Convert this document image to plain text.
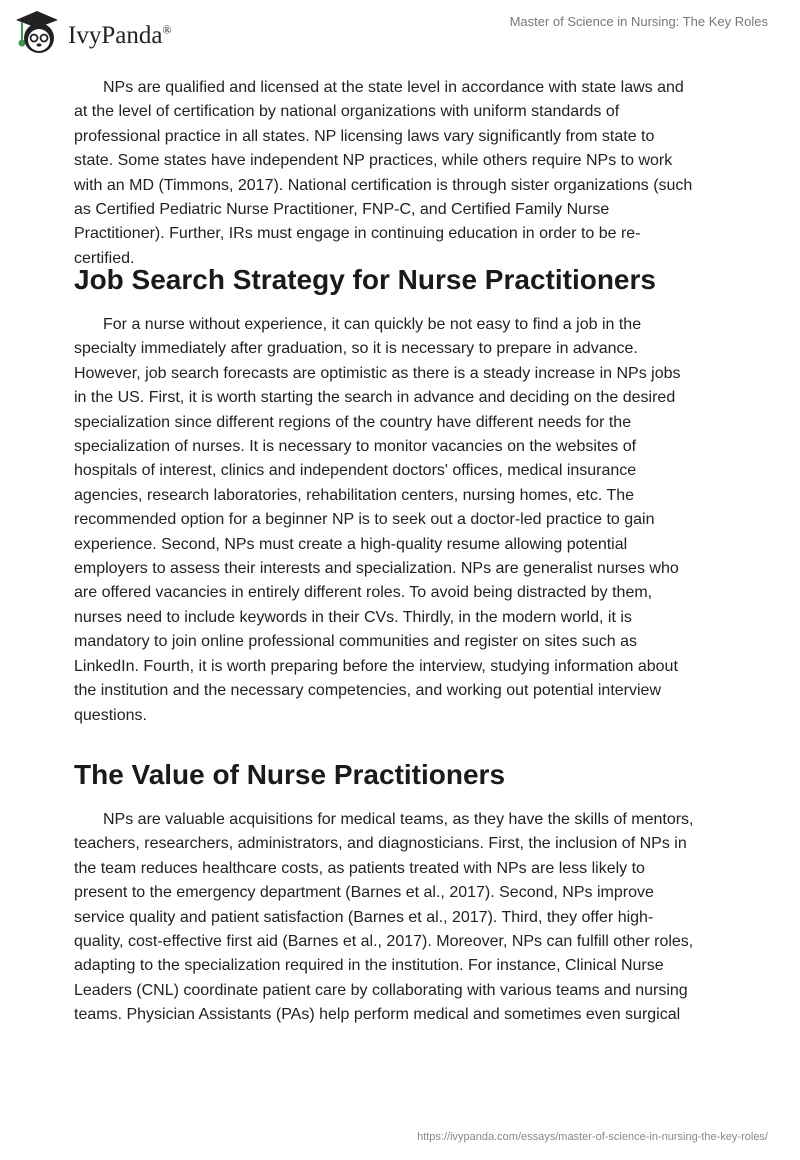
IvyPanda®
Master of Science in Nursing: The Key Roles
NPs are qualified and licensed at the state level in accordance with state laws and
at the level of certification by national organizations with uniform standards of
professional practice in all states. NP licensing laws vary significantly from state to
state. Some states have independent NP practices, while others require NPs to work
with an MD (Timmons, 2017). National certification is through sister organizations (such
as Certified Pediatric Nurse Practitioner, FNP-C, and Certified Family Nurse
Practitioner). Further, IRs must engage in continuing education in order to be re-
certified.
Job Search Strategy for Nurse Practitioners
For a nurse without experience, it can quickly be not easy to find a job in the
specialty immediately after graduation, so it is necessary to prepare in advance.
However, job search forecasts are optimistic as there is a steady increase in NPs jobs
in the US. First, it is worth starting the search in advance and deciding on the desired
specialization since different regions of the country have different needs for the
specialization of nurses. It is necessary to monitor vacancies on the websites of
hospitals of interest, clinics and independent doctors' offices, medical insurance
agencies, research laboratories, rehabilitation centers, nursing homes, etc. The
recommended option for a beginner NP is to seek out a doctor-led practice to gain
experience. Second, NPs must create a high-quality resume allowing potential
employers to assess their interests and specialization. NPs are generalist nurses who
are offered vacancies in entirely different roles. To avoid being distracted by them,
nurses need to include keywords in their CVs. Thirdly, in the modern world, it is
mandatory to join online professional communities and register on sites such as
LinkedIn. Fourth, it is worth preparing before the interview, studying information about
the institution and the necessary competencies, and working out potential interview
questions.
The Value of Nurse Practitioners
NPs are valuable acquisitions for medical teams, as they have the skills of mentors,
teachers, researchers, administrators, and diagnosticians. First, the inclusion of NPs in
the team reduces healthcare costs, as patients treated with NPs are less likely to
present to the emergency department (Barnes et al., 2017). Second, NPs improve
service quality and patient satisfaction (Barnes et al., 2017). Third, they offer high-
quality, cost-effective first aid (Barnes et al., 2017). Moreover, NPs can fulfill other roles,
adapting to the specialization required in the institution. For instance, Clinical Nurse
Leaders (CNL) coordinate patient care by collaborating with various teams and nursing
teams. Physician Assistants (PAs) help perform medical and sometimes even surgical
https://ivypanda.com/essays/master-of-science-in-nursing-the-key-roles/
